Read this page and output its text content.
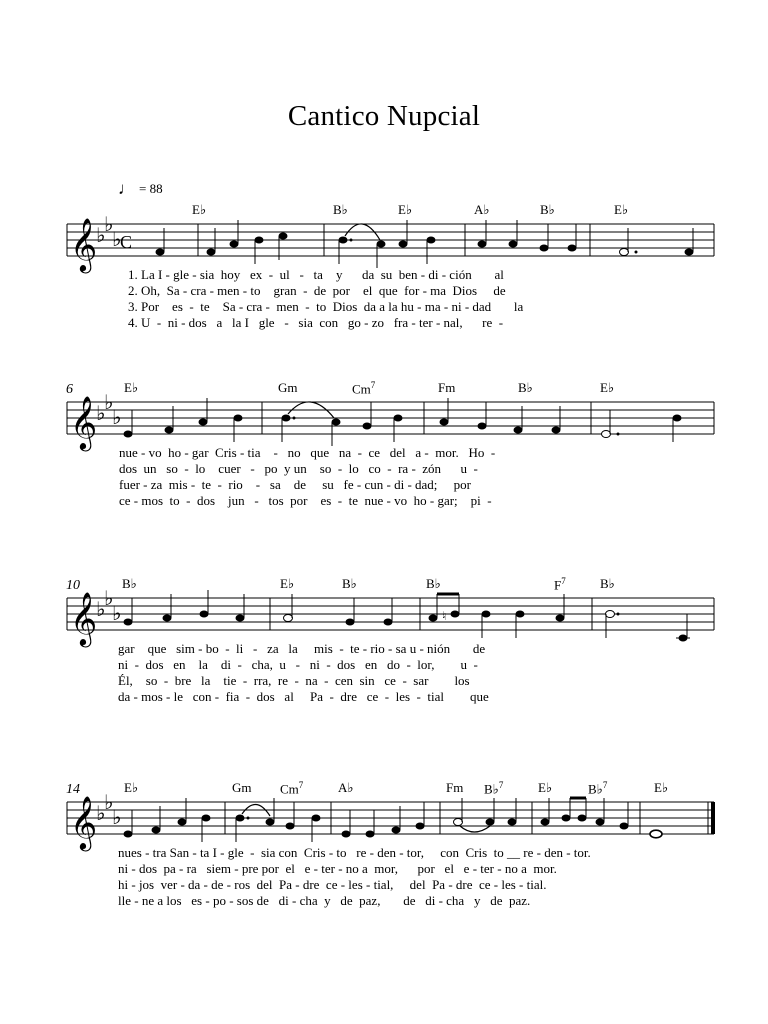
Cantico Nupcial
♩ = 88
𝄞
♭
♭
♭
C
E♭	B♭	E♭	A♭	B♭	E♭
1. La I - gle - sia  hoy   ex  -  ul   -   ta    y      da  su  ben - di - ción       al
2. Oh,  Sa - cra - men - to    gran  -  de  por    el  que  for - ma  Dios     de
3. Por    es  -  te    Sa - cra -  men  -  to  Dios  da a la hu - ma - ni - dad       la
4. U  -  ni - dos   a   la I   gle   -   sia  con   go - zo   fra - ter - nal,      re  -
6
𝄞
♭
♭
♭
E♭	Gm	Cm$^7$	Fm	B♭	E♭
nue - vo  ho - gar  Cris - tia    -   no   que   na  -  ce   del   a -  mor.   Ho  -
dos  un   so  -  lo    cuer   -   po  y un    so  -  lo   co  -  ra -  zón      u  -
fuer - za  mis -  te  -  rio    -   sa    de     su   fe - cun - di - dad;     por
ce - mos  to  -  dos    jun   -   tos  por    es  -  te  nue - vo  ho - gar;    pi  -
10
𝄞
♭
♭
♭	♮
B♭	E♭	B♭	B♭	$F^7$	B♭
gar    que   sim - bo  -  li   -   za   la     mis  -  te - rio - sa u - nión       de
ni  -  dos   en    la    di  -   cha,  u   -   ni  -  dos   en   do  -  lor,        u  -
Él,    so  -  bre   la    tie  -  rra,  re  -  na  -  cen  sin   ce  -  sar        los
da - mos - le   con -  fia  -  dos   al     Pa  -  dre   ce  -  les  -  tial        que
14
𝄞
♭
♭
♭
E♭	Gm Cm$^7$	A♭	Fm B♭$^7$	E♭	B♭$^7$	E♭
nues - tra San - ta I - gle  -  sia con  Cris - to   re - den - tor,     con  Cris  to __ re - den - tor.
ni - dos  pa - ra   siem - pre por  el   e - ter - no a  mor,      por   el   e - ter - no a  mor.
hi - jos  ver - da - de - ros  del  Pa - dre  ce - les - tial,     del  Pa - dre  ce - les - tial.
lle - ne a los   es - po - sos de   di - cha  y   de  paz,       de   di - cha   y   de  paz.
